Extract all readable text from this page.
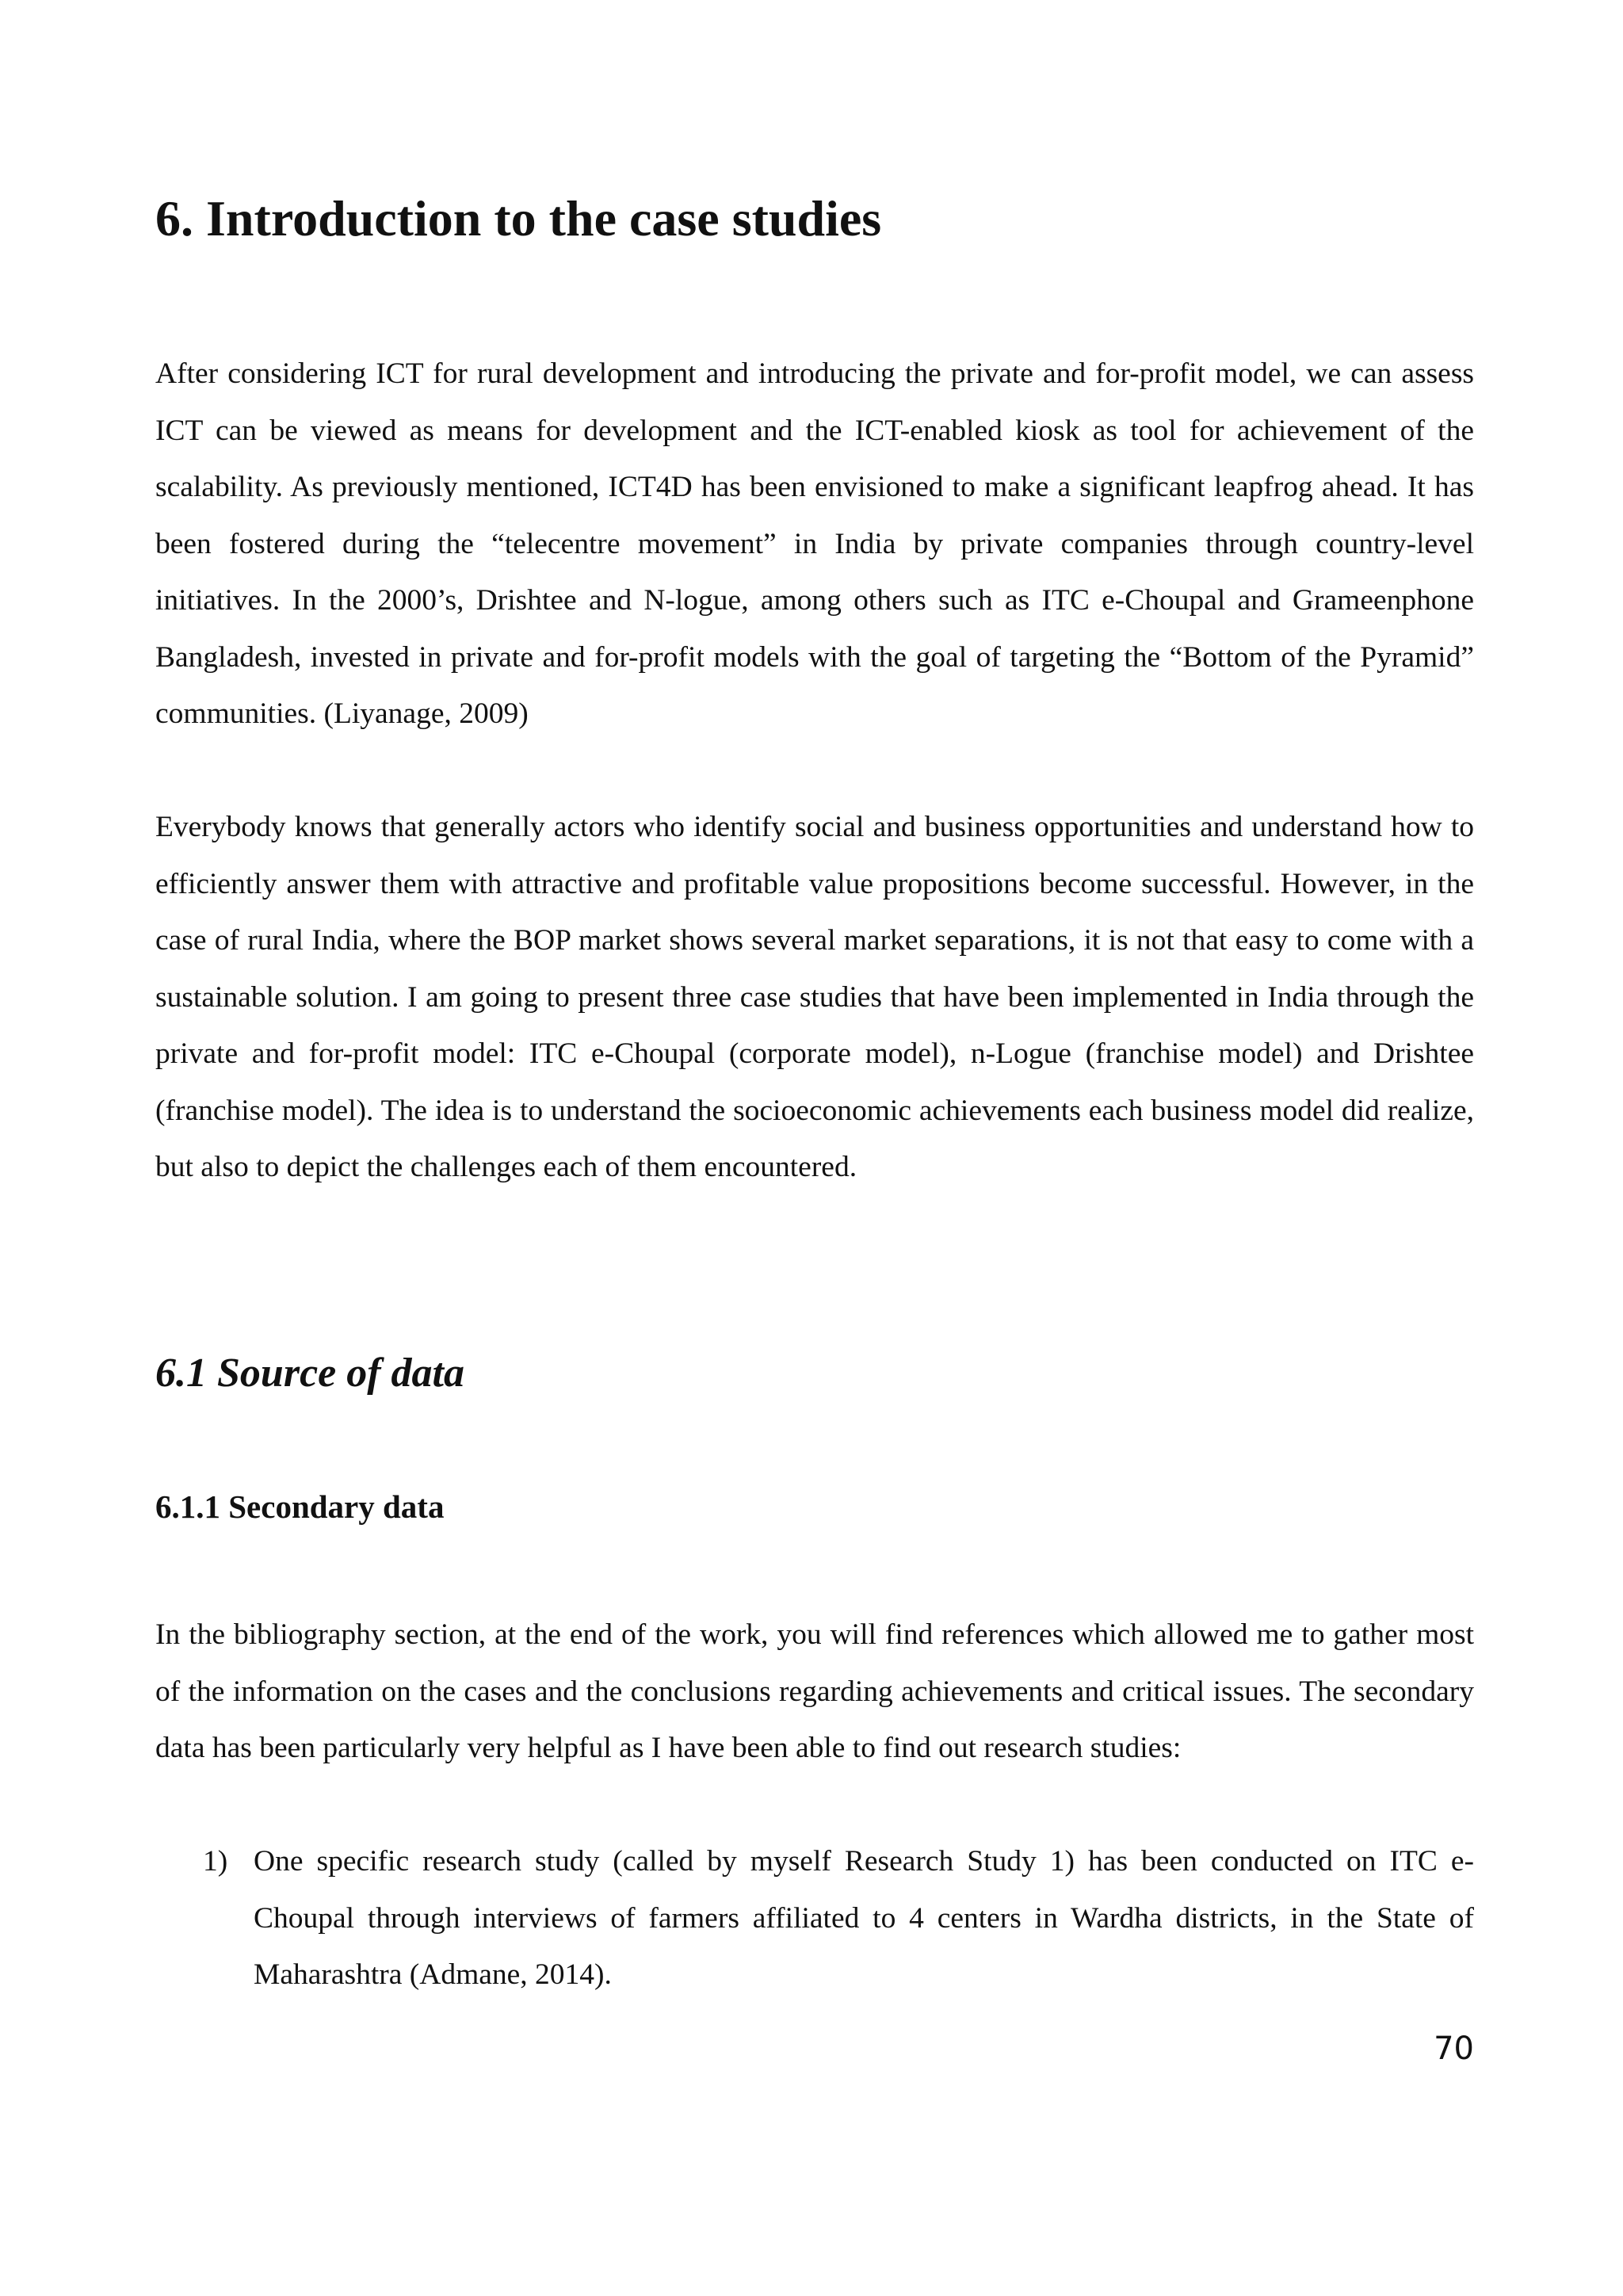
6. Introduction to the case studies

After considering ICT for rural development and introducing the private and for-profit model, we can assess ICT can be viewed as means for development and the ICT-enabled kiosk as tool for achievement of the scalability. As previously mentioned, ICT4D has been envisioned to make a significant leapfrog ahead. It has been fostered during the “telecentre movement” in India by private companies through country-level initiatives. In the 2000’s, Drishtee and N-logue, among others such as ITC e-Choupal and Grameenphone Bangladesh, invested in private and for-profit models with the goal of targeting the “Bottom of the Pyramid” communities. (Liyanage, 2009)

Everybody knows that generally actors who identify social and business opportunities and understand how to efficiently answer them with attractive and profitable value propositions become successful. However, in the case of rural India, where the BOP market shows several market separations, it is not that easy to come with a sustainable solution. I am going to present three case studies that have been implemented in India through the private and for-profit model: ITC e-Choupal (corporate model), n-Logue (franchise model) and Drishtee (franchise model). The idea is to understand the socioeconomic achievements each business model did realize, but also to depict the challenges each of them encountered.

6.1 Source of data
6.1.1 Secondary data

In the bibliography section, at the end of the work, you will find references which allowed me to gather most of the information on the cases and the conclusions regarding achievements and critical issues. The secondary data has been particularly very helpful as I have been able to find out research studies:

1) One specific research study (called by myself Research Study 1) has been conducted on ITC e-Choupal through interviews of farmers affiliated to 4 centers in Wardha districts, in the State of Maharashtra (Admane, 2014).

70
